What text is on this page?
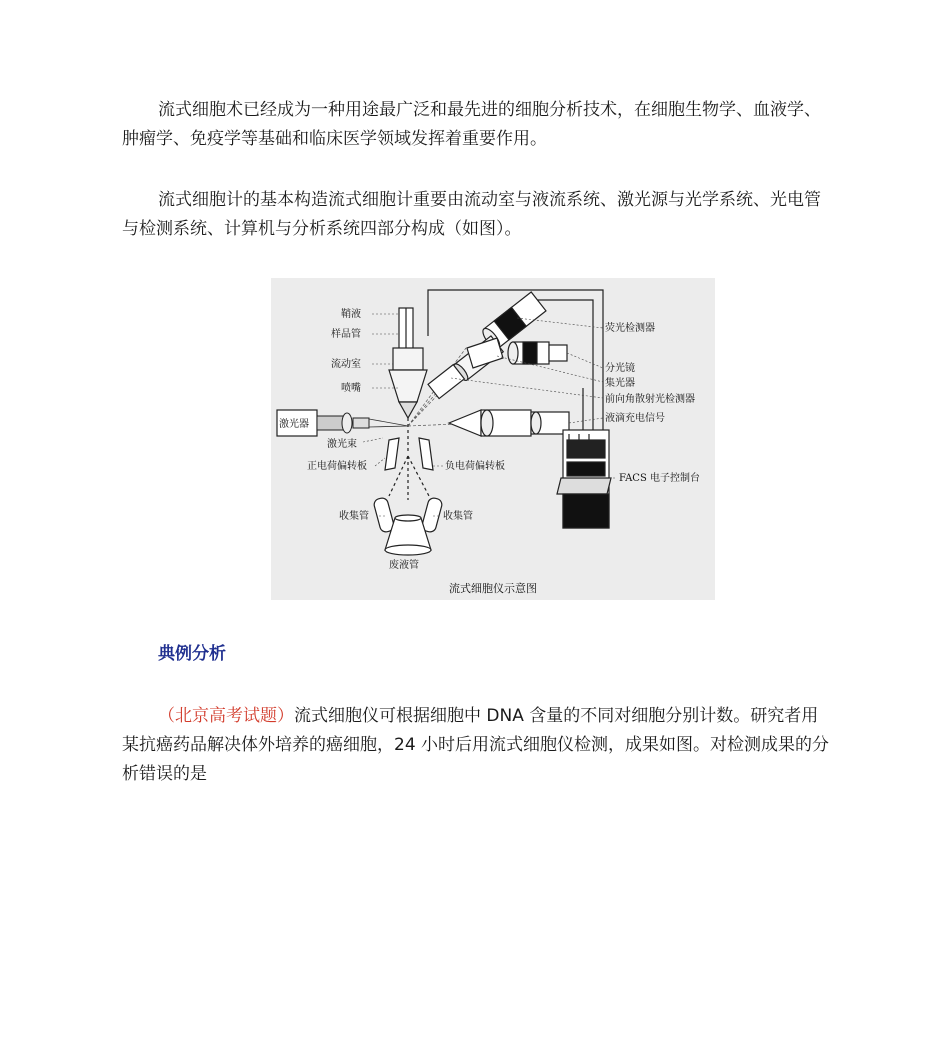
流式细胞术已经成为一种用途最广泛和最先进的细胞分析技术，在细胞生物学、血液学、肿瘤学、免疫学等基础和临床医学领域发挥着重要作用。

流式细胞计的基本构造流式细胞计重要由流动室与液流系统、激光源与光学系统、光电管与检测系统、计算机与分析系统四部分构成（如图）。

鞘液
样品管
流动室
喷嘴
激光器
激光束
正电荷偏转板	负电荷偏转板
收集管	收集管
废液管
荧光检测器
分光镜
集光器
前向角散射光检测器
液滴充电信号
FACS 电子控制台
流式细胞仪示意图

典例分析

（北京高考试题）流式细胞仪可根据细胞中 DNA 含量的不同对细胞分别计数。研究者用某抗癌药品解决体外培养的癌细胞，24 小时后用流式细胞仪检测，成果如图。对检测成果的分析错误的是
